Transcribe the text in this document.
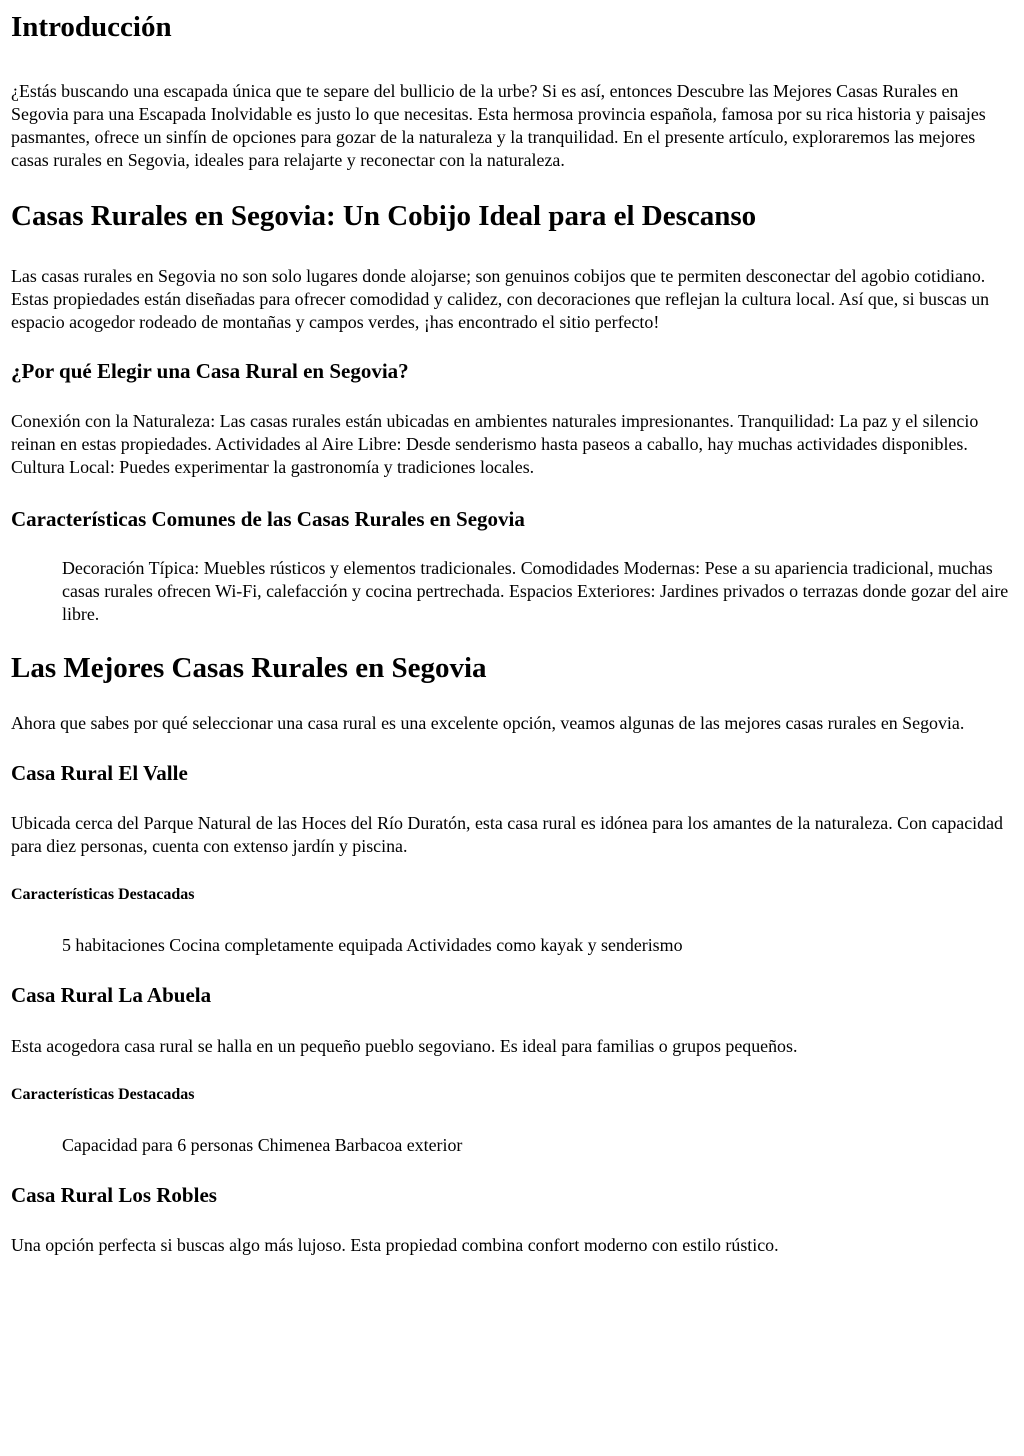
Introducción

¿Estás buscando una escapada única que te separe del bullicio de la urbe? Si es así, entonces Descubre las Mejores Casas Rurales en Segovia para una Escapada Inolvidable es justo lo que necesitas. Esta hermosa provincia española, famosa por su rica historia y paisajes pasmantes, ofrece un sinfín de opciones para gozar de la naturaleza y la tranquilidad. En el presente artículo, exploraremos las mejores casas rurales en Segovia, ideales para relajarte y reconectar con la naturaleza.

Casas Rurales en Segovia: Un Cobijo Ideal para el Descanso

Las casas rurales en Segovia no son solo lugares donde alojarse; son genuinos cobijos que te permiten desconectar del agobio cotidiano. Estas propiedades están diseñadas para ofrecer comodidad y calidez, con decoraciones que reflejan la cultura local. Así que, si buscas un espacio acogedor rodeado de montañas y campos verdes, ¡has encontrado el sitio perfecto!

¿Por qué Elegir una Casa Rural en Segovia?

Conexión con la Naturaleza: Las casas rurales están ubicadas en ambientes naturales impresionantes. Tranquilidad: La paz y el silencio reinan en estas propiedades. Actividades al Aire Libre: Desde senderismo hasta paseos a caballo, hay muchas actividades disponibles. Cultura Local: Puedes experimentar la gastronomía y tradiciones locales.

Características Comunes de las Casas Rurales en Segovia
Decoración Típica: Muebles rústicos y elementos tradicionales. Comodidades Modernas: Pese a su apariencia tradicional, muchas casas rurales ofrecen Wi-Fi, calefacción y cocina pertrechada. Espacios Exteriores: Jardines privados o terrazas donde gozar del aire libre.
Las Mejores Casas Rurales en Segovia

Ahora que sabes por qué seleccionar una casa rural es una excelente opción, veamos algunas de las mejores casas rurales en Segovia.

Casa Rural El Valle

Ubicada cerca del Parque Natural de las Hoces del Río Duratón, esta casa rural es idónea para los amantes de la naturaleza. Con capacidad para diez personas, cuenta con extenso jardín y piscina.

Características Destacadas
5 habitaciones Cocina completamente equipada Actividades como kayak y senderismo
Casa Rural La Abuela

Esta acogedora casa rural se halla en un pequeño pueblo segoviano. Es ideal para familias o grupos pequeños.

Características Destacadas
Capacidad para 6 personas Chimenea Barbacoa exterior
Casa Rural Los Robles

Una opción perfecta si buscas algo más lujoso. Esta propiedad combina confort moderno con estilo rústico.
